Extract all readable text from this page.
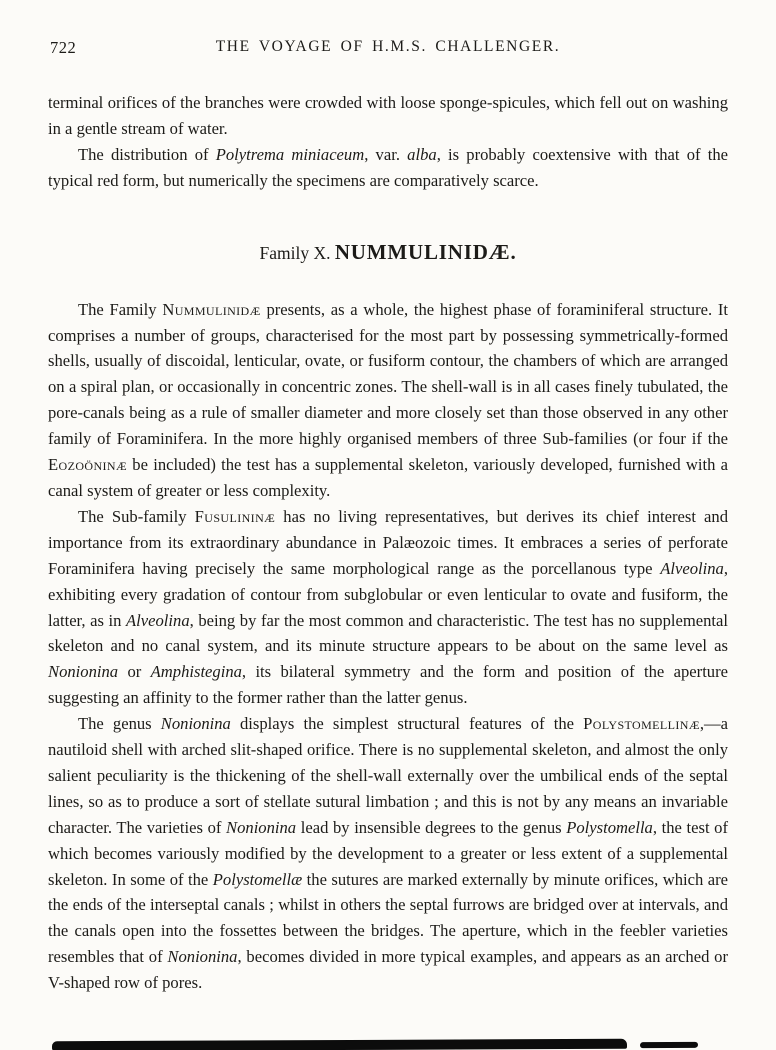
722	THE VOYAGE OF H.M.S. CHALLENGER.

terminal orifices of the branches were crowded with loose sponge-spicules, which fell out on washing in a gentle stream of water.

The distribution of Polytrema miniaceum, var. alba, is probably coextensive with that of the typical red form, but numerically the specimens are comparatively scarce.

Family X. NUMMULINIDÆ.

The Family Nummulinidæ presents, as a whole, the highest phase of foraminiferal structure. It comprises a number of groups, characterised for the most part by possessing symmetrically-formed shells, usually of discoidal, lenticular, ovate, or fusiform contour, the chambers of which are arranged on a spiral plan, or occasionally in concentric zones. The shell-wall is in all cases finely tubulated, the pore-canals being as a rule of smaller diameter and more closely set than those observed in any other family of Foraminifera. In the more highly organised members of three Sub-families (or four if the Eozoöninæ be included) the test has a supplemental skeleton, variously developed, furnished with a canal system of greater or less complexity.

The Sub-family Fusulininæ has no living representatives, but derives its chief interest and importance from its extraordinary abundance in Palæozoic times. It embraces a series of perforate Foraminifera having precisely the same morphological range as the porcellanous type Alveolina, exhibiting every gradation of contour from subglobular or even lenticular to ovate and fusiform, the latter, as in Alveolina, being by far the most common and characteristic. The test has no supplemental skeleton and no canal system, and its minute structure appears to be about on the same level as Nonionina or Amphistegina, its bilateral symmetry and the form and position of the aperture suggesting an affinity to the former rather than the latter genus.

The genus Nonionina displays the simplest structural features of the Polystomellinæ,—a nautiloid shell with arched slit-shaped orifice. There is no supplemental skeleton, and almost the only salient peculiarity is the thickening of the shell-wall externally over the umbilical ends of the septal lines, so as to produce a sort of stellate sutural limbation ; and this is not by any means an invariable character. The varieties of Nonionina lead by insensible degrees to the genus Polystomella, the test of which becomes variously modified by the development to a greater or less extent of a supplemental skeleton. In some of the Polystomellæ the sutures are marked externally by minute orifices, which are the ends of the interseptal canals ; whilst in others the septal furrows are bridged over at intervals, and the canals open into the fossettes between the bridges. The aperture, which in the feebler varieties resembles that of Nonionina, becomes divided in more typical examples, and appears as an arched or V-shaped row of pores.
